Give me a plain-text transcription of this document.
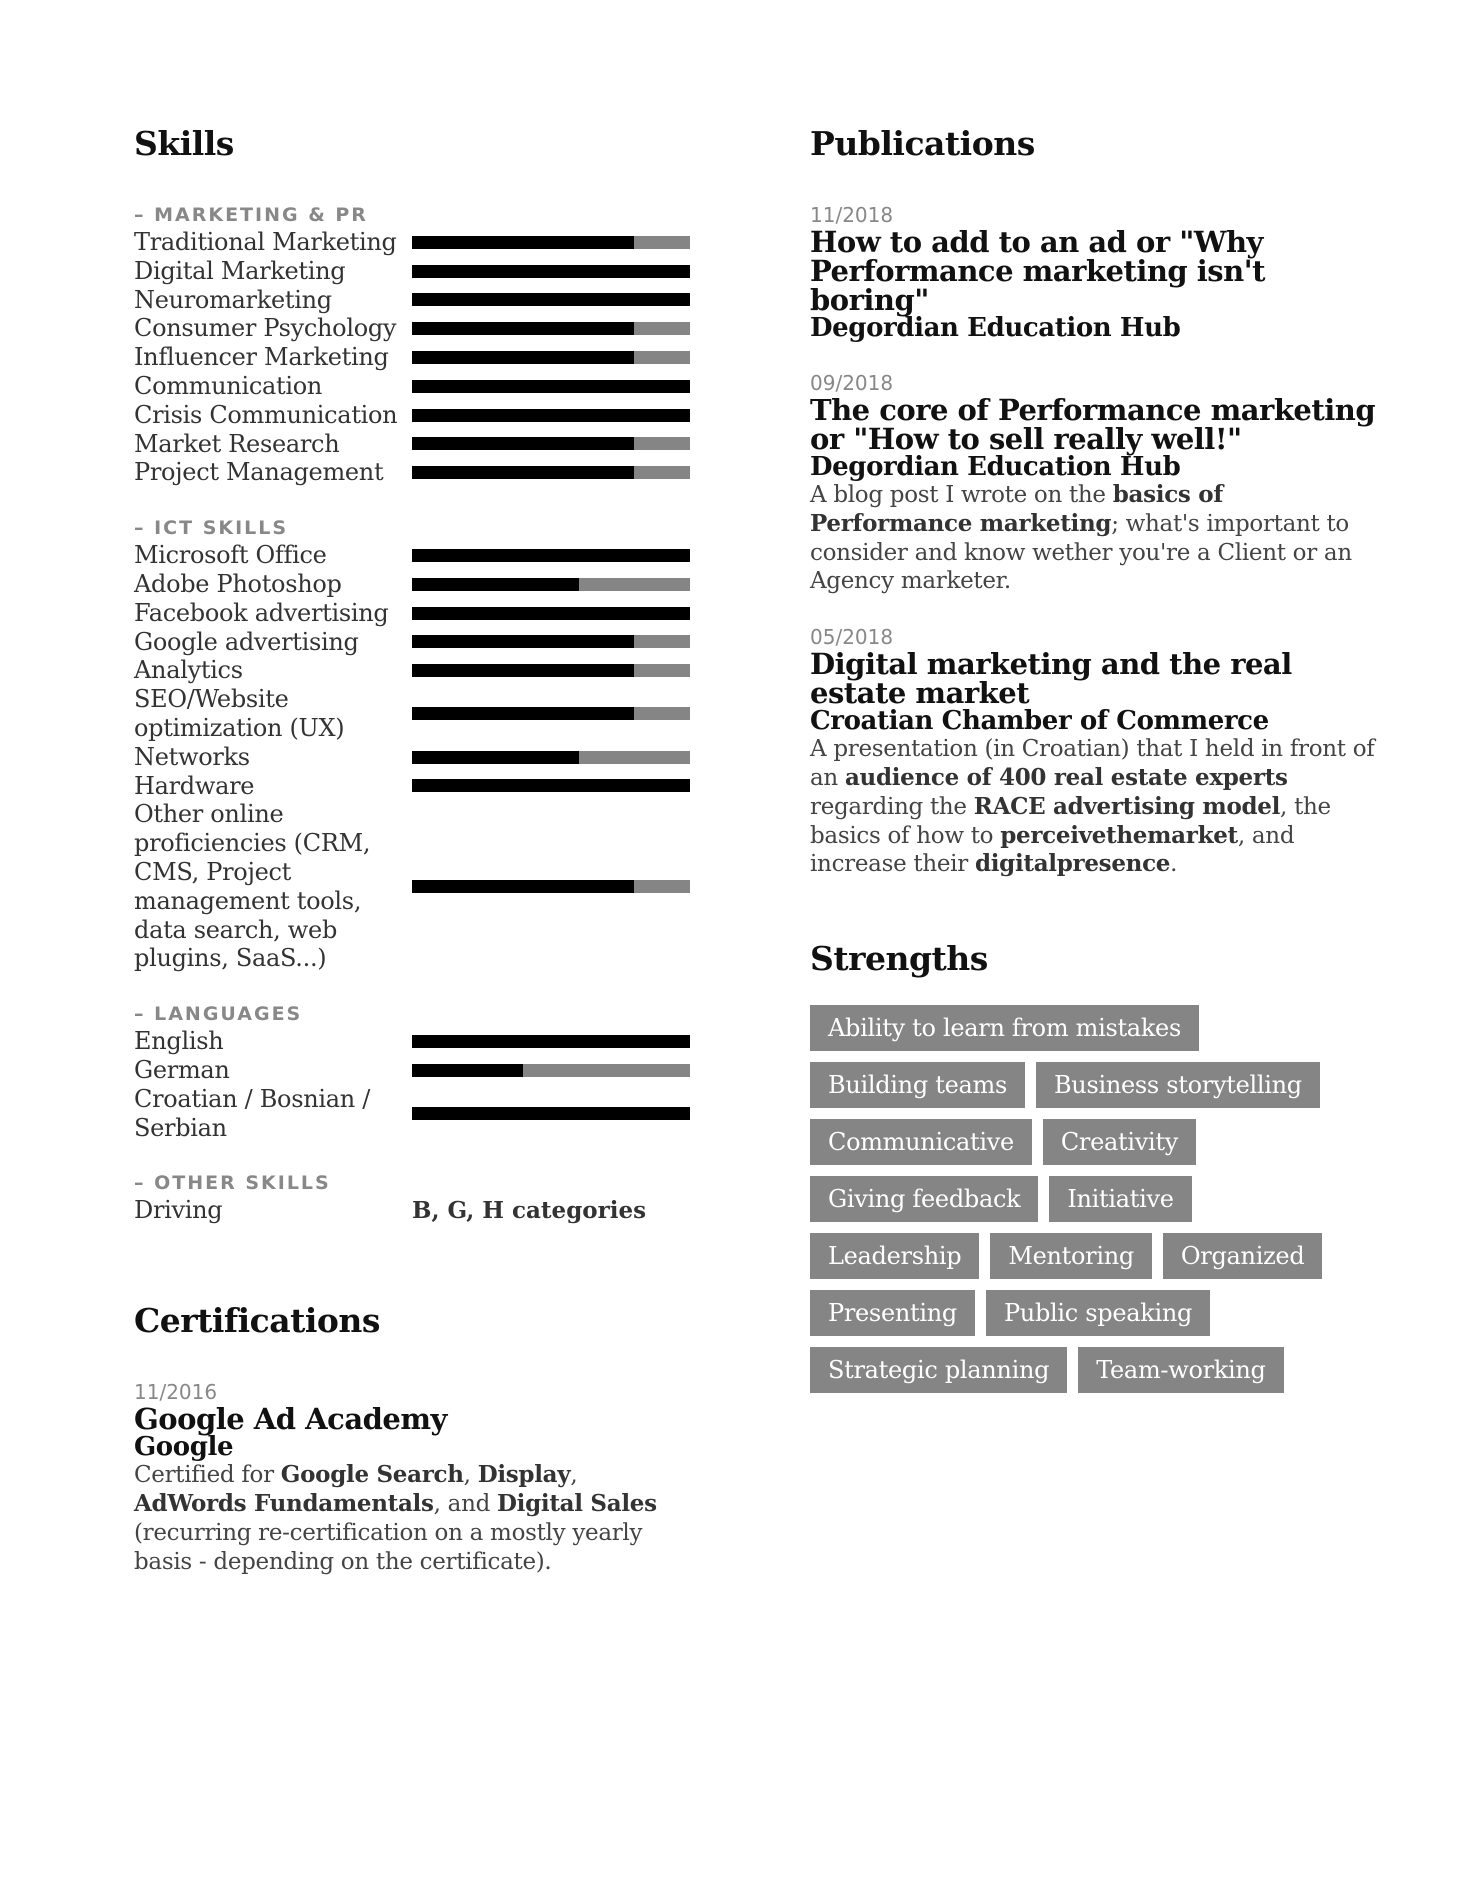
Skills
– MARKETING & PR
Traditional Marketing
Digital Marketing
Neuromarketing
Consumer Psychology
Influencer Marketing
Communication
Crisis Communication
Market Research
Project Management
– ICT SKILLS
Microsoft Office
Adobe Photoshop
Facebook advertising
Google advertising
Analytics
SEO/Website optimization (UX)
Networks
Hardware
Other online proficiencies (CRM, CMS, Project management tools, data search, web plugins, SaaS...)
– LANGUAGES
English
German
Croatian / Bosnian / Serbian
– OTHER SKILLS
Driving	B, G, H categories
Certifications
11/2016
Google Ad Academy
Google
Certified for Google Search, Display, AdWords Fundamentals, and Digital Sales (recurring re-certification on a mostly yearly basis - depending on the certificate).
Publications
11/2018
How to add to an ad or "Why Performance marketing isn't boring"
Degordian Education Hub
09/2018
The core of Performance marketing or "How to sell really well!"
Degordian Education Hub
A blog post I wrote on the basics of Performance marketing; what's important to consider and know wether you're a Client or an Agency marketer.
05/2018
Digital marketing and the real estate market
Croatian Chamber of Commerce
A presentation (in Croatian) that I held in front of an audience of 400 real estate experts regarding the RACE advertising model, the basics of how to perceivethemarket, and increase their digitalpresence.
Strengths
Ability to learn from mistakes
Building teams	Business storytelling
Communicative	Creativity
Giving feedback	Initiative
Leadership	Mentoring	Organized
Presenting	Public speaking
Strategic planning	Team-working
